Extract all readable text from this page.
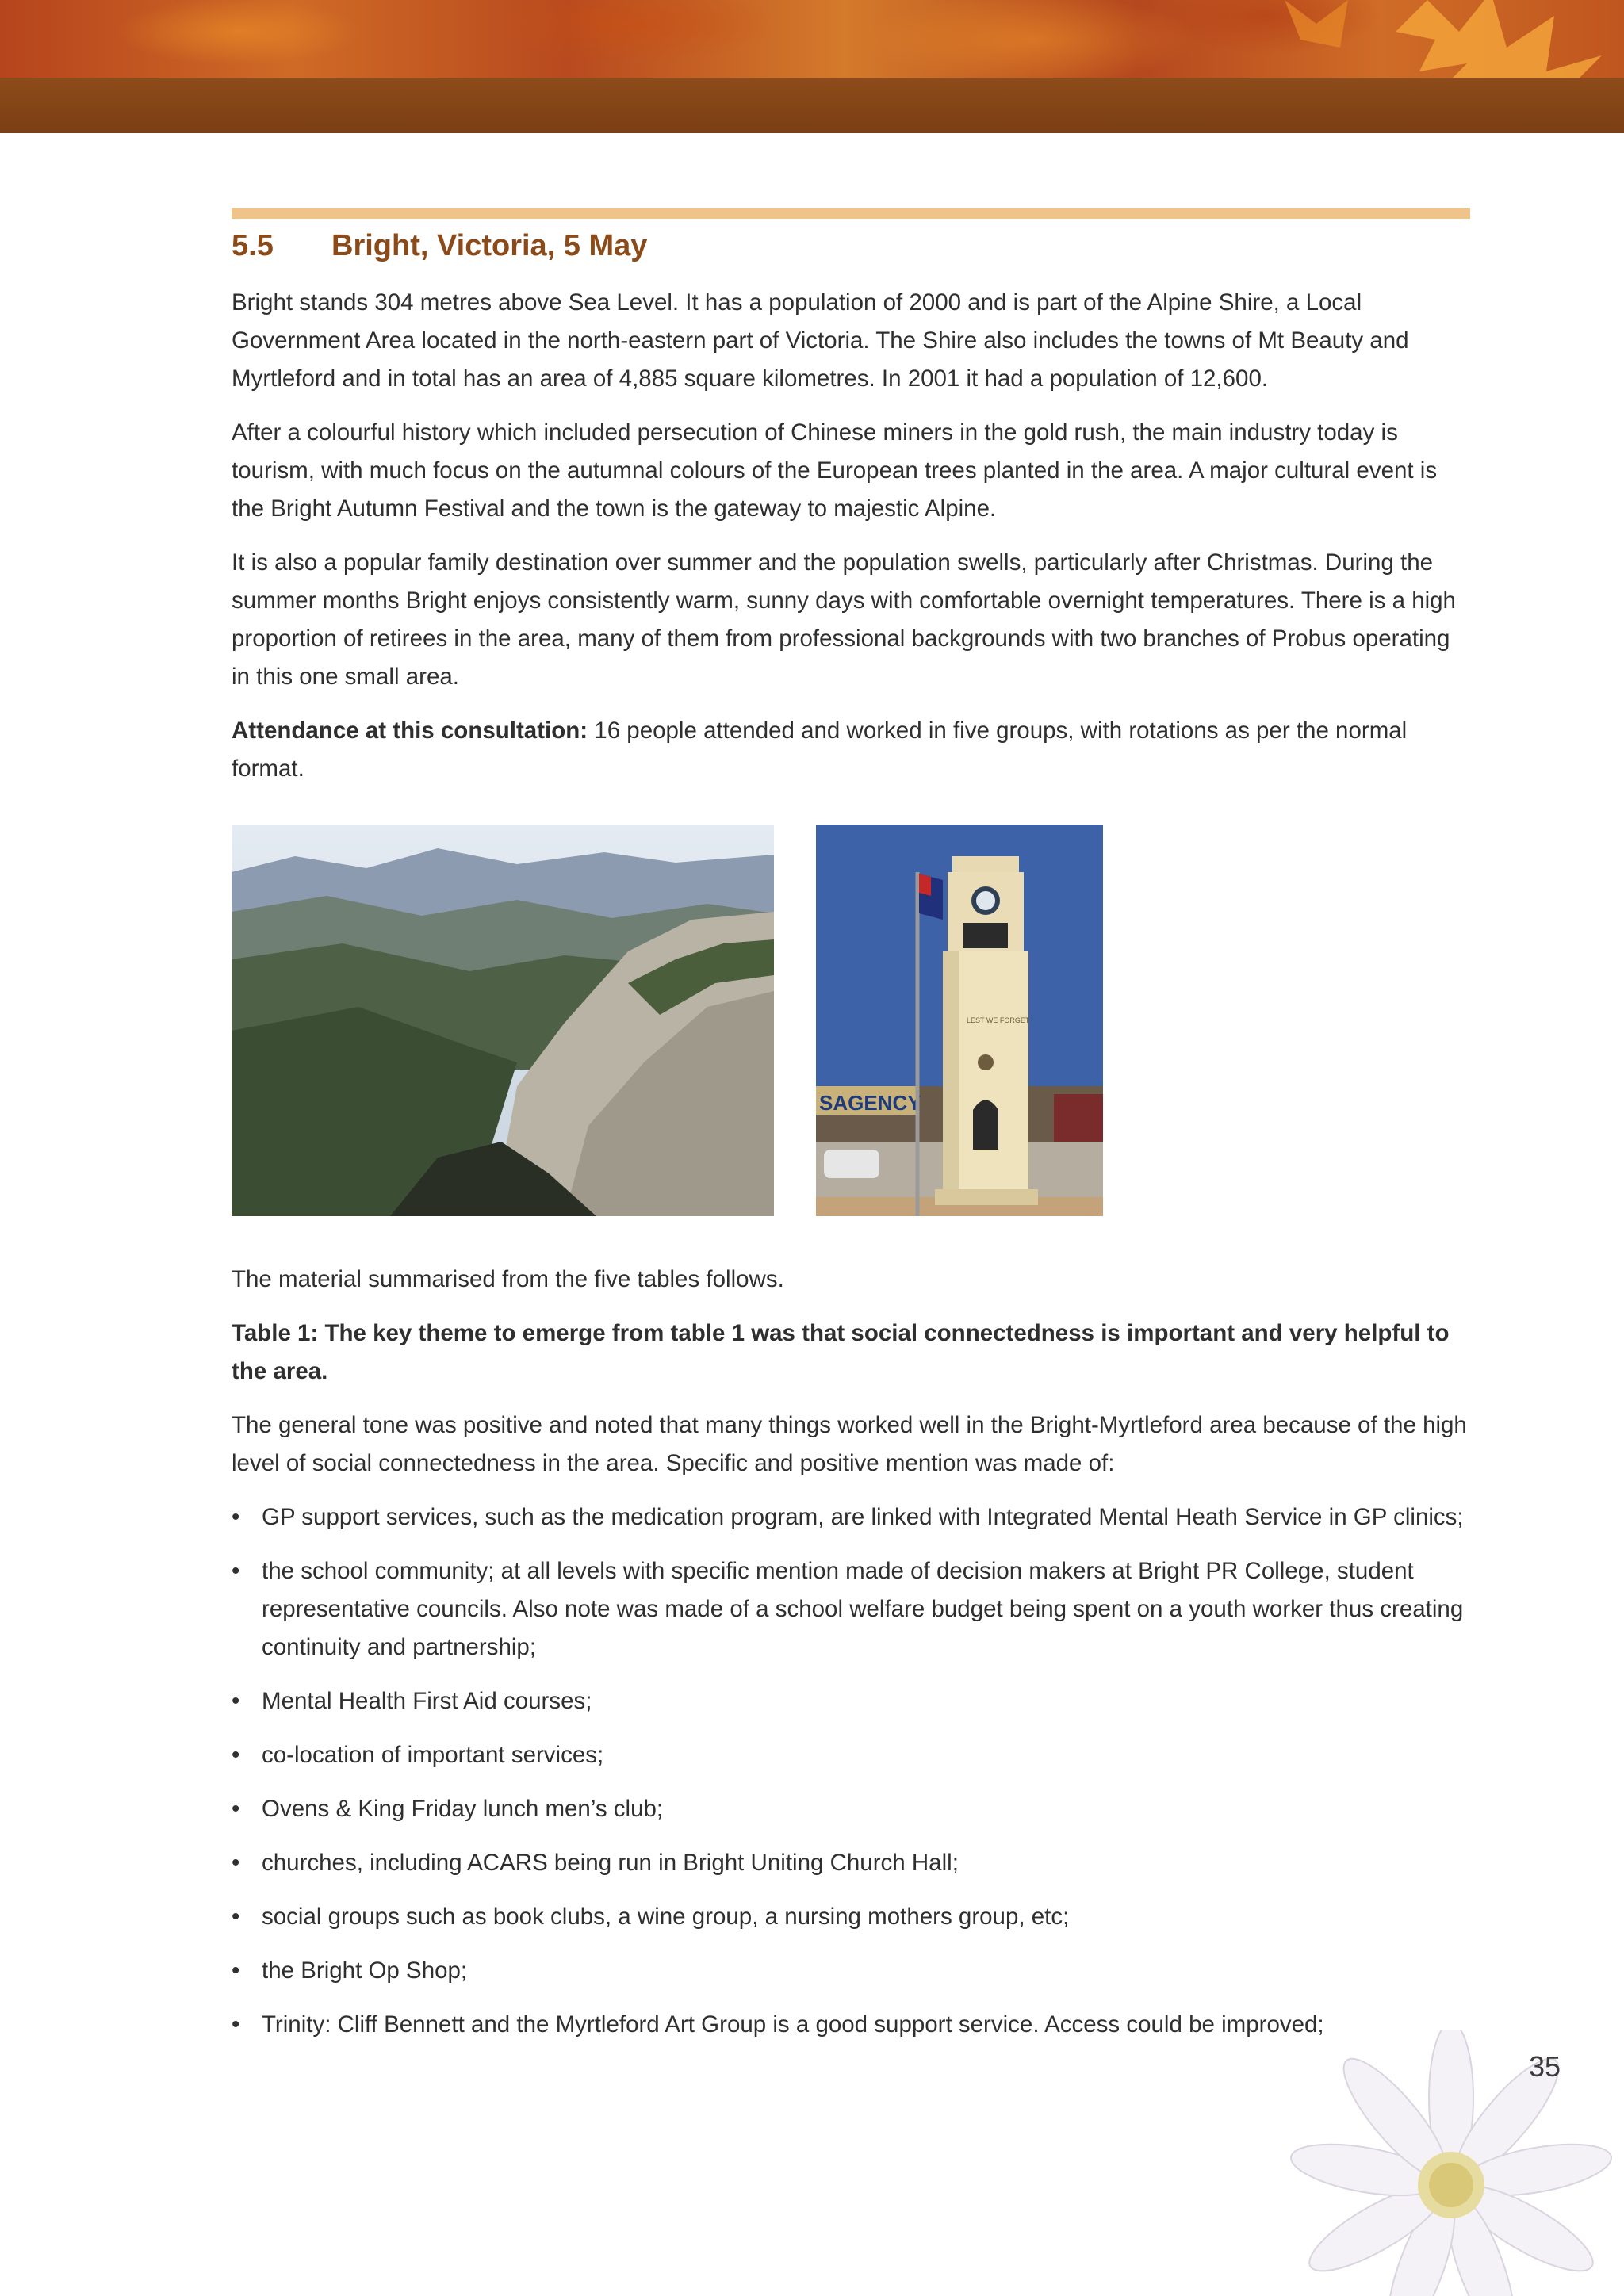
5.5 Bright, Victoria, 5 May

Bright stands 304 metres above Sea Level. It has a population of 2000 and is part of the Alpine Shire, a Local Government Area located in the north-eastern part of Victoria. The Shire also includes the towns of Mt Beauty and Myrtleford and in total has an area of 4,885 square kilometres. In 2001 it had a population of 12,600.

After a colourful history which included persecution of Chinese miners in the gold rush, the main industry today is tourism, with much focus on the autumnal colours of the European trees planted in the area. A major cultural event is the Bright Autumn Festival and the town is the gateway to majestic Alpine.

It is also a popular family destination over summer and the population swells, particularly after Christmas. During the summer months Bright enjoys consistently warm, sunny days with comfortable overnight temperatures. There is a high proportion of retirees in the area, many of them from professional backgrounds with two branches of Probus operating in this one small area.

Attendance at this consultation: 16 people attended and worked in five groups, with rotations as per the normal format.

SAGENCY
LEST WE FORGET

The material summarised from the five tables follows.

Table 1: The key theme to emerge from table 1 was that social connectedness is important and very helpful to the area.

The general tone was positive and noted that many things worked well in the Bright-Myrtleford area because of the high level of social connectedness in the area. Specific and positive mention was made of:

• GP support services, such as the medication program, are linked with Integrated Mental Heath Service in GP clinics;
• the school community; at all levels with specific mention made of decision makers at Bright PR College, student representative councils. Also note was made of a school welfare budget being spent on a youth worker thus creating continuity and partnership;
• Mental Health First Aid courses;
• co-location of important services;
• Ovens & King Friday lunch men’s club;
• churches, including ACARS being run in Bright Uniting Church Hall;
• social groups such as book clubs, a wine group, a nursing mothers group, etc;
• the Bright Op Shop;
• Trinity: Cliff Bennett and the Myrtleford Art Group is a good support service. Access could be improved;
35
